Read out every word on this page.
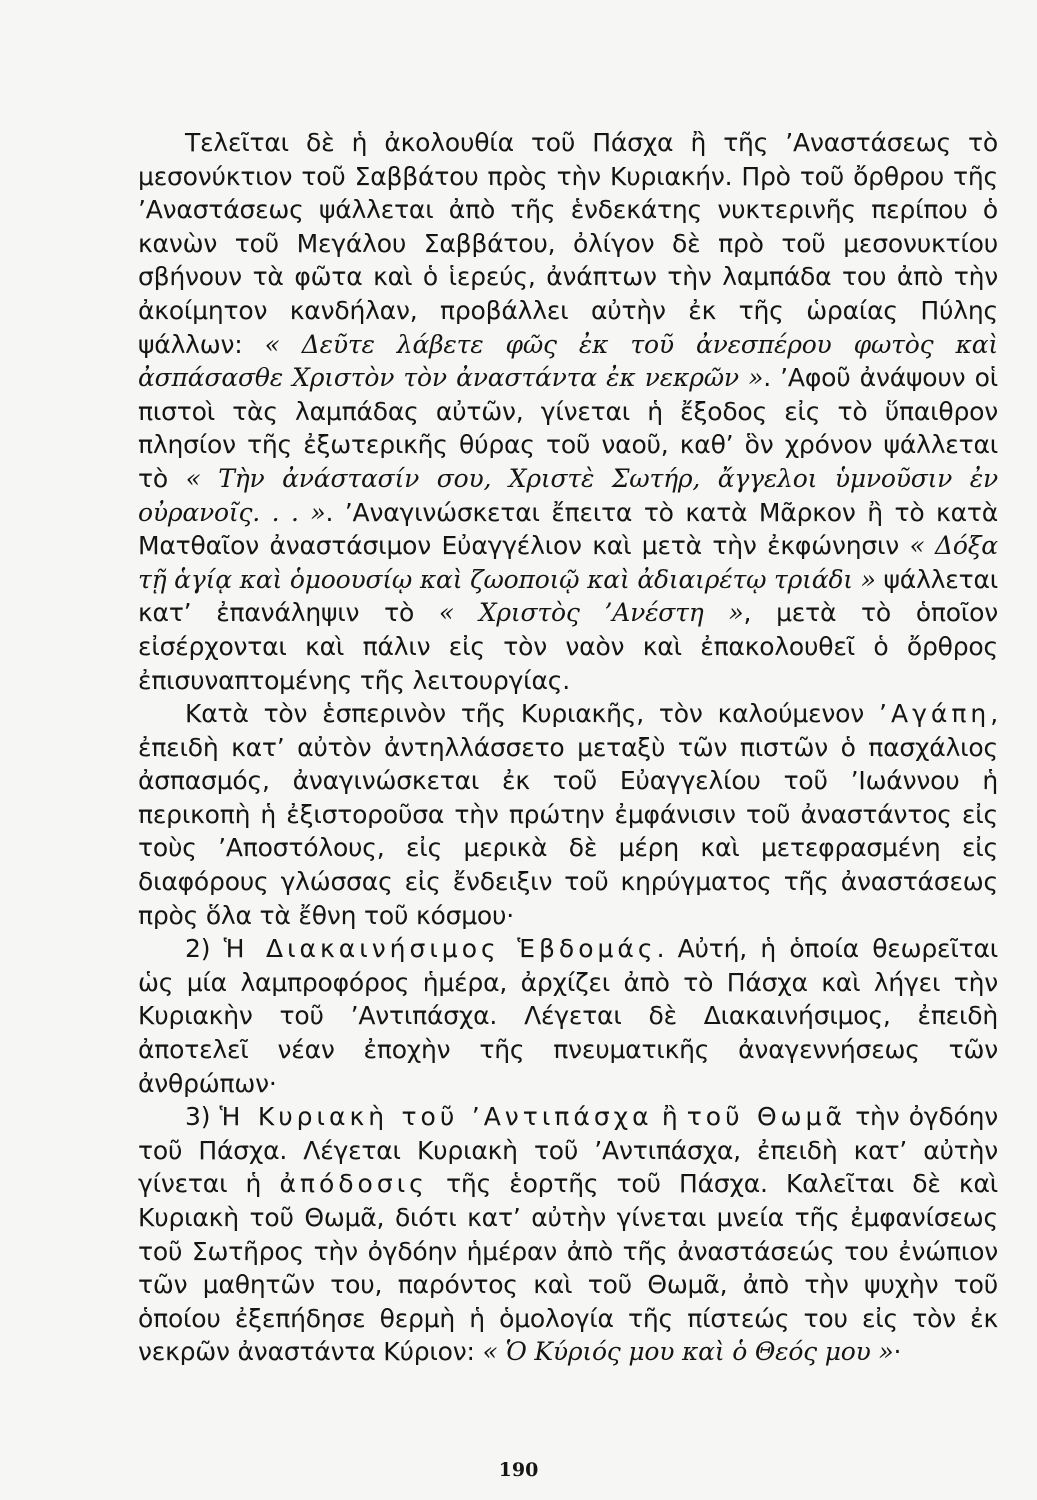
Τελεῖται δὲ ἡ ἀκολουθία τοῦ Πάσχα ἢ τῆς ’Αναστάσεως τὸ μεσονύκτιον τοῦ Σαββάτου πρὸς τὴν Κυριακήν. Πρὸ τοῦ ὄρθρου τῆς ’Αναστάσεως ψάλλεται ἀπὸ τῆς ἑνδεκάτης νυκτερινῆς περίπου ὁ κανὼν τοῦ Μεγάλου Σαββάτου, ὀλίγον δὲ πρὸ τοῦ μεσονυκτίου σβήνουν τὰ φῶτα καὶ ὁ ἱερεύς, ἀνάπτων τὴν λαμπάδα του ἀπὸ τὴν ἀκοίμητον κανδήλαν, προβάλλει αὐτὴν ἐκ τῆς ὡραίας Πύλης ψάλλων: « Δεῦτε λάβετε φῶς ἐκ τοῦ ἀνεσπέρου φωτὸς καὶ ἀσπάσασθε Χριστὸν τὸν ἀναστάντα ἐκ νεκρῶν ». ’Αφοῦ ἀνάψουν οἱ πιστοὶ τὰς λαμπάδας αὐτῶν, γίνεται ἡ ἔξοδος εἰς τὸ ὕπαιθρον πλησίον τῆς ἐξωτερικῆς θύρας τοῦ ναοῦ, καθ’ ὃν χρόνον ψάλλεται τὸ « Τὴν ἀνάστασίν σου, Χριστὲ Σωτήρ, ἄγγελοι ὑμνοῦσιν ἐν οὐρανοῖς. . . ». ’Αναγινώσκεται ἔπειτα τὸ κατὰ Μᾶρκον ἢ τὸ κατὰ Ματθαῖον ἀναστάσιμον Εὐαγγέλιον καὶ μετὰ τὴν ἐκφώνησιν « Δόξα τῇ ἁγίᾳ καὶ ὁμοουσίῳ καὶ ζωοποιῷ καὶ ἀδιαιρέτῳ τριάδι » ψάλλεται κατ’ ἐπανάληψιν τὸ « Χριστὸς ’Ανέστη », μετὰ τὸ ὁποῖον εἰσέρχονται καὶ πάλιν εἰς τὸν ναὸν καὶ ἐπακολουθεῖ ὁ ὄρθρος ἐπισυναπτομένης τῆς λειτουργίας.

Κατὰ τὸν ἑσπερινὸν τῆς Κυριακῆς, τὸν καλούμενον ’Αγάπη, ἐπειδὴ κατ’ αὐτὸν ἀντηλλάσσετο μεταξὺ τῶν πιστῶν ὁ πασχάλιος ἀσπασμός, ἀναγινώσκεται ἐκ τοῦ Εὐαγγελίου τοῦ ’Ιωάννου ἡ περικοπὴ ἡ ἐξιστοροῦσα τὴν πρώτην ἐμφάνισιν τοῦ ἀναστάντος εἰς τοὺς ’Αποστόλους, εἰς μερικὰ δὲ μέρη καὶ μετεφρασμένη εἰς διαφόρους γλώσσας εἰς ἔνδειξιν τοῦ κηρύγματος τῆς ἀναστάσεως πρὸς ὅλα τὰ ἔθνη τοῦ κόσμου·

2) Ἡ Διακαινήσιμος Ἑβδομάς. Αὐτή, ἡ ὁποία θεωρεῖται ὡς μία λαμπροφόρος ἡμέρα, ἀρχίζει ἀπὸ τὸ Πάσχα καὶ λήγει τὴν Κυριακὴν τοῦ ’Αντιπάσχα. Λέγεται δὲ Διακαινήσιμος, ἐπειδὴ ἀποτελεῖ νέαν ἐποχὴν τῆς πνευματικῆς ἀναγεννήσεως τῶν ἀνθρώπων·

3) Ἡ Κυριακὴ τοῦ ’Αντιπάσχα ἢ τοῦ Θωμᾶ τὴν ὀγδόην τοῦ Πάσχα. Λέγεται Κυριακὴ τοῦ ’Αντιπάσχα, ἐπειδὴ κατ’ αὐτὴν γίνεται ἡ ἀπόδοσις τῆς ἑορτῆς τοῦ Πάσχα. Καλεῖται δὲ καὶ Κυριακὴ τοῦ Θωμᾶ, διότι κατ’ αὐτὴν γίνεται μνεία τῆς ἐμφανίσεως τοῦ Σωτῆρος τὴν ὀγδόην ἡμέραν ἀπὸ τῆς ἀναστάσεώς του ἐνώπιον τῶν μαθητῶν του, παρόντος καὶ τοῦ Θωμᾶ, ἀπὸ τὴν ψυχὴν τοῦ ὁποίου ἐξεπήδησε θερμὴ ἡ ὁμολογία τῆς πίστεώς του εἰς τὸν ἐκ νεκρῶν ἀναστάντα Κύριον: « Ὁ Κύριός μου καὶ ὁ Θεός μου »·

190
